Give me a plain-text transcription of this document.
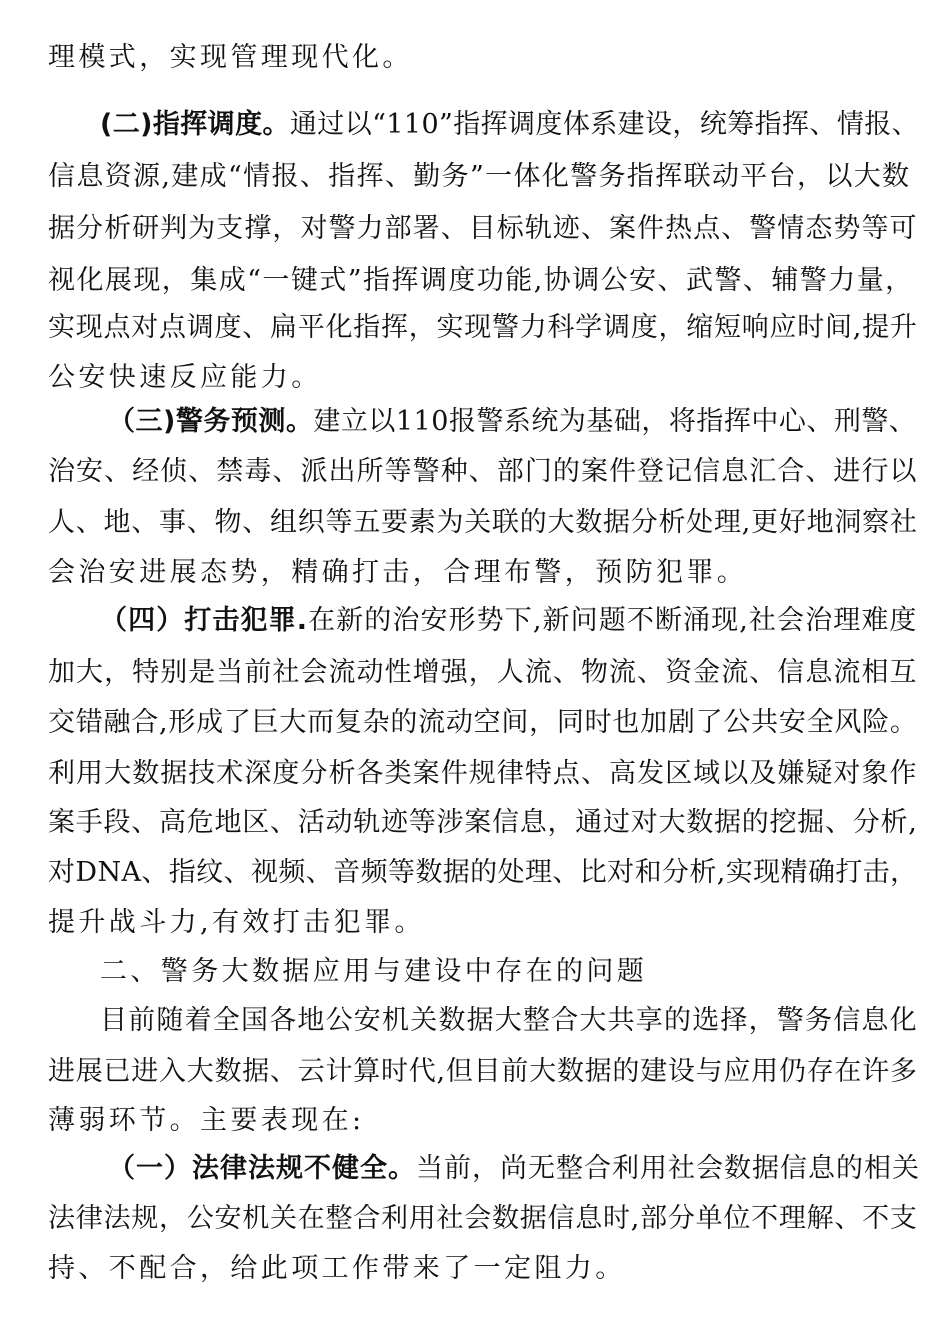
理模式，实现管理现代化。
(二)指挥调度。通过以“110”指挥调度体系建设，统筹指挥、情报、
信息资源,建成“情报、指挥、勤务”一体化警务指挥联动平台，以大数
据分析研判为支撑，对警力部署、目标轨迹、案件热点、警情态势等可
视化展现，集成“一键式”指挥调度功能,协调公安、武警、辅警力量，
实现点对点调度、扁平化指挥，实现警力科学调度，缩短响应时间,提升
公安快速反应能力。
（三)警务预测。建立以110报警系统为基础，将指挥中心、刑警、
治安、经侦、禁毒、派出所等警种、部门的案件登记信息汇合、进行以
人、地、事、物、组织等五要素为关联的大数据分析处理,更好地洞察社
会治安进展态势，精确打击，合理布警，预防犯罪。
（四）打击犯罪.在新的治安形势下,新问题不断涌现,社会治理难度
加大，特别是当前社会流动性增强，人流、物流、资金流、信息流相互
交错融合,形成了巨大而复杂的流动空间，同时也加剧了公共安全风险。
利用大数据技术深度分析各类案件规律特点、高发区域以及嫌疑对象作
案手段、高危地区、活动轨迹等涉案信息，通过对大数据的挖掘、分析,
对DNA、指纹、视频、音频等数据的处理、比对和分析,实现精确打击，
提升战斗力,有效打击犯罪。
二、警务大数据应用与建设中存在的问题
目前随着全国各地公安机关数据大整合大共享的选择，警务信息化
进展已进入大数据、云计算时代,但目前大数据的建设与应用仍存在许多
薄弱环节。主要表现在:
（一）法律法规不健全。当前，尚无整合利用社会数据信息的相关
法律法规，公安机关在整合利用社会数据信息时,部分单位不理解、不支
持、不配合，给此项工作带来了一定阻力。
